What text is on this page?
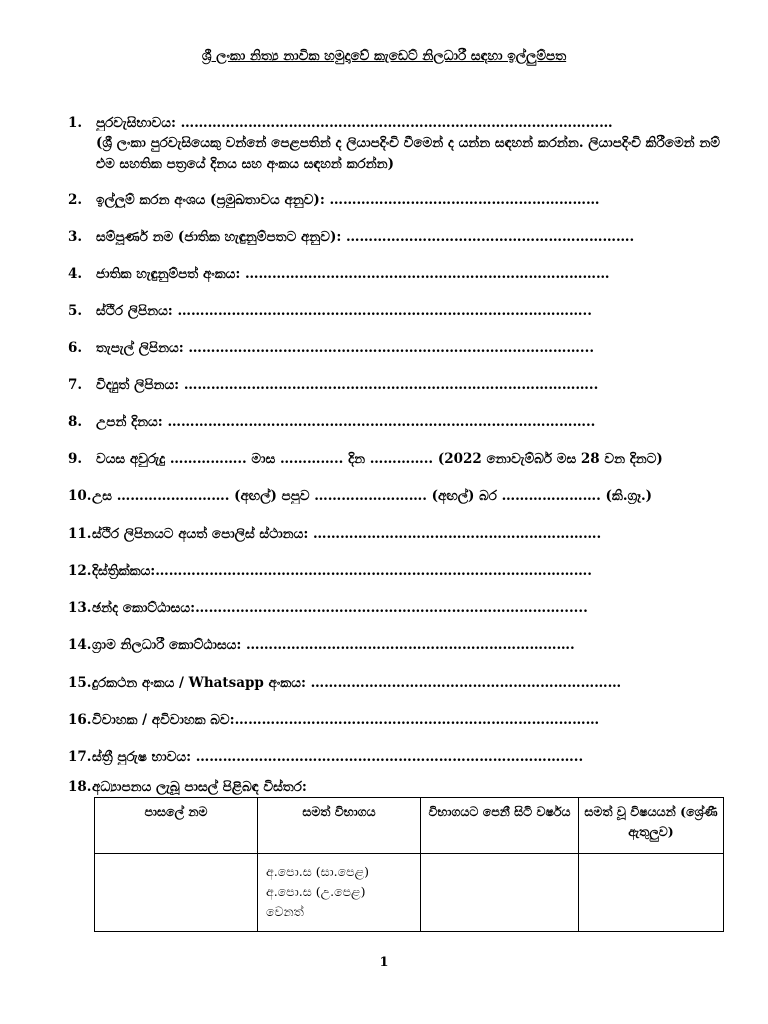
ශ්‍රී ලංකා නිත්‍ය නාවික හමුදාවේ කැඩෙට් නිලධාරී සඳහා ඉල්ලුම්පත
1. පුරවැසිභාවය: ……………………………………………………………………………………
(ශ්‍රී ලංකා පුරවැසියෙකු වන්නේ පෙළපතින් ද ලියාපදිංචි වීමෙන් ද යන්න සඳහන් කරන්න. ලියාපදිංචි කිරීමෙන් නම් එම සහතික පත්‍රයේ දිනය සහ අංකය සඳහන් කරන්න)
2. ඉල්ලුම් කරන අංශය (ප්‍රමුඛතාවය අනුව): ……………………………………………………
3. සම්පූර්ණ නම (ජාතික හැඳුනුම්පතට අනුව): ……………………………………………………….
4. ජාතික හැඳුනුම්පත් අංකය: ………………………………………………………………………
5. ස්ථිර ලිපිනය: ………………………………………………………………………………..
6. තැපැල් ලිපිනය: ……………………………………………………………………………...
7. විද්‍යුත් ලිපිනය: ………………………………………………………………………………..
8. උපන් දිනය: …………………………………………………………………………………..
9. වයස අවුරුදු …………….. මාස ………….. දින ………….. (2022 නොවැම්බර් මස 28 වන දිනට)
10.උස ……………………. (අඟල්) පපුව ……………………. (අඟල්) බර …………………. (කි.ග්‍රෑ.)
11.ස්ථිර ලිපිනයට අයත් පොලිස් ස්ථානය: ……………………………………………………….
12.දිස්ත්‍රික්කය:…………………………………………………………………………………….
13.ඡන්ද කොට්ඨාසය:………………………………………………………………………......
14.ග්‍රාම නිලධාරී කොට්ඨාසය: ……………………………………………………………….
15.දුරකථන අංකය / Whatsapp අංකය: ……………………………………………………………
16.විවාහක / අවිවාහක බව:………………………………………………………………………
17.ස්ත්‍රී පුරුෂ භාවය: …………………………………………………………………………..
18.අධ්‍යාපනය ලැබූ පාසල් පිළිබඳ විස්තර:
පාසලේ නම	සමත් විභාගය	විභාගයට පෙනී සිටි වර්ෂය	සමත් වූ විෂයයන් (ශ්‍රේණී ඇතුලුව)

	අ.පො.ස (සා.පෙළ)
අ.පො.ස (උ.පෙළ)
වෙනත්		

1
